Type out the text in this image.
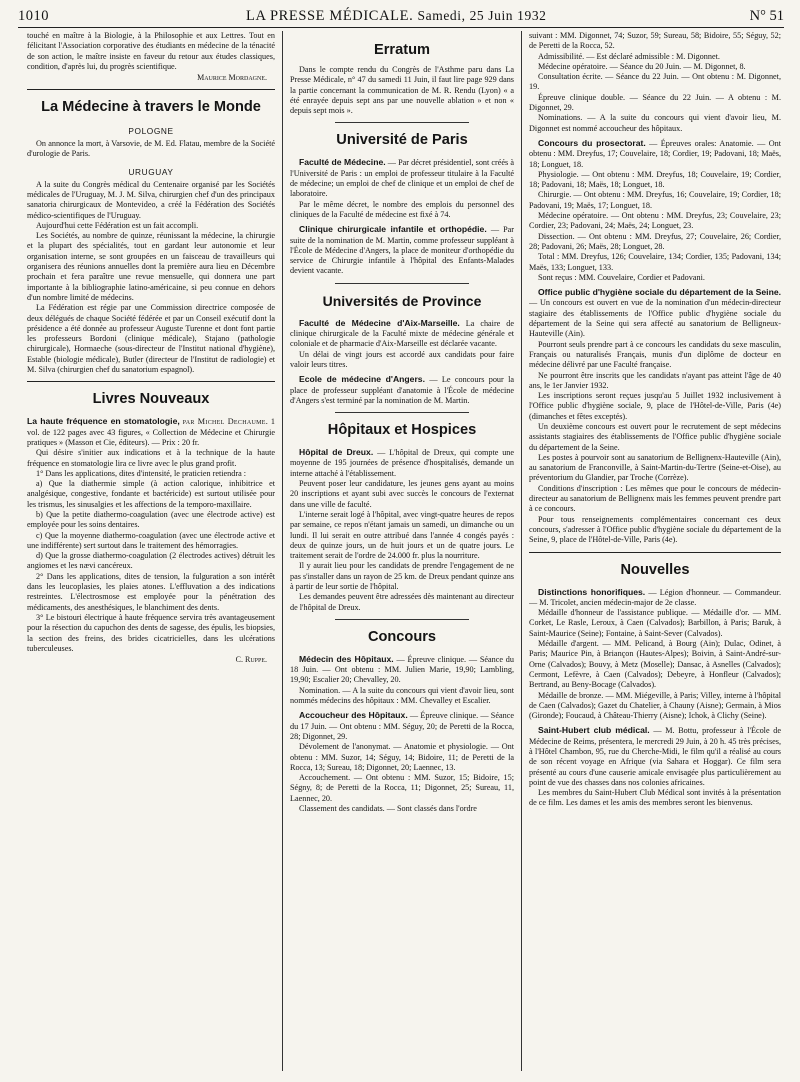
1010	LA PRESSE MÉDICALE. Samedi, 25 Juin 1932	N° 51

touché en maître à la Biologie, à la Philosophie et aux Lettres. Tout en félicitant l'Association corporative des étudiants en médecine de la ténacité de son action, le maître insiste en faveur du retour aux études classiques, condition, d'après lui, du progrès scientifique.

Maurice Mordagne.
La Médecine à travers le Monde
POLOGNE

On annonce la mort, à Varsovie, de M. Ed. Flatau, membre de la Société d'urologie de Paris.

URUGUAY

A la suite du Congrès médical du Centenaire organisé par les Sociétés médicales de l'Uruguay, M. J. M. Silva, chirurgien chef d'un des principaux sanatoria chirurgicaux de Montevideo, a créé la Fédération des Sociétés médico-scientifiques de l'Uruguay.

Aujourd'hui cette Fédération est un fait accompli.

Les Sociétés, au nombre de quinze, réunissant la médecine, la chirurgie et la plupart des spécialités, tout en gardant leur autonomie et leur organisation interne, se sont groupées en un faisceau de travailleurs qui organisera des réunions annuelles dont la première aura lieu en Décembre prochain et fera paraître une revue mensuelle, qui donnera une part importante à la bibliographie latino-américaine, si peu connue en dehors d'un nombre limité de médecins.

La Fédération est régie par une Commission directrice composée de deux délégués de chaque Société fédérée et par un Conseil exécutif dont la présidence a été donnée au professeur Auguste Turenne et dont font partie les professeurs Bordoni (clinique médicale), Stajano (pathologie chirurgicale), Hormaeche (sous-directeur de l'Institut national d'hygiène), Estable (biologie médicale), Butler (directeur de l'Institut de radiologie) et M. Silva (chirurgien chef du sanatorium espagnol).

Livres Nouveaux

La haute fréquence en stomatologie, par Michel Dechaume. 1 vol. de 122 pages avec 43 figures, « Collection de Médecine et Chirurgie pratiques » (Masson et Cie, éditeurs). — Prix : 20 fr.

Qui désire s'initier aux indications et à la technique de la haute fréquence en stomatologie lira ce livre avec le plus grand profit.

1° Dans les applications, dites d'intensité, le praticien retiendra :

a) Que la diathermie simple (à action calorique, inhibitrice et analgésique, congestive, fondante et bactéricide) est surtout utilisée pour les trismus, les sinusalgies et les affections de la temporo-maxillaire.

b) Que la petite diathermo-coagulation (avec une électrode active) est employée pour les soins dentaires.

c) Que la moyenne diathermo-coagulation (avec une électrode active et une indifférente) sert surtout dans le traitement des hémorragies.

d) Que la grosse diathermo-coagulation (2 électrodes actives) détruit les angiomes et les nævi cancéreux.

2° Dans les applications, dites de tension, la fulguration a son intérêt dans les leucoplasies, les plaies atones. L'effluvation a des indications restreintes. L'électrosmose est employée pour la pénétration des médicaments, des anesthésiques, le blanchiment des dents.

3° Le bistouri électrique à haute fréquence servira très avantageusement pour la résection du capuchon des dents de sagesse, des épulis, les biopsies, la section des freins, des brides cicatricielles, dans les ulcérations tuberculeuses.

C. Ruppe.
Erratum

Dans le compte rendu du Congrès de l'Asthme paru dans La Presse Médicale, n° 47 du samedi 11 Juin, il faut lire page 929 dans la partie concernant la communication de M. R. Rendu (Lyon) « a été enrayée depuis sept ans par une nouvelle ablation » et non « depuis sept mois ».

Université de Paris

Faculté de Médecine. — Par décret présidentiel, sont créés à l'Université de Paris : un emploi de professeur titulaire à la Faculté de médecine; un emploi de chef de clinique et un emploi de chef de laboratoire.

Par le même décret, le nombre des emplois du personnel des cliniques de la Faculté de médecine est fixé à 74.

Clinique chirurgicale infantile et orthopédie. — Par suite de la nomination de M. Martin, comme professeur suppléant à l'École de Médecine d'Angers, la place de moniteur d'orthopédie du service de Chirurgie infantile à l'hôpital des Enfants-Malades devient vacante.

Universités de Province

Faculté de Médecine d'Aix-Marseille. La chaire de clinique chirurgicale de la Faculté mixte de médecine générale et coloniale et de pharmacie d'Aix-Marseille est déclarée vacante.

Un délai de vingt jours est accordé aux candidats pour faire valoir leurs titres.

Ecole de médecine d'Angers. — Le concours pour la place de professeur suppléant d'anatomie à l'École de médecine d'Angers s'est terminé par la nomination de M. Martin.

Hôpitaux et Hospices

Hôpital de Dreux. — L'hôpital de Dreux, qui compte une moyenne de 195 journées de présence d'hospitalisés, demande un interne attaché à l'établissement.

Peuvent poser leur candidature, les jeunes gens ayant au moins 20 inscriptions et ayant subi avec succès le concours de l'externat dans une ville de faculté.

L'interne serait logé à l'hôpital, avec vingt-quatre heures de repos par semaine, ce repos n'étant jamais un samedi, un dimanche ou un lundi. Il lui serait en outre attribué dans l'année 4 congés payés : deux de quinze jours, un de huit jours et un de quatre jours. Le traitement serait de l'ordre de 24.000 fr. plus la nourriture.

Il y aurait lieu pour les candidats de prendre l'engagement de ne pas s'installer dans un rayon de 25 km. de Dreux pendant quinze ans à partir de leur sortie de l'hôpital.

Les demandes peuvent être adressées dès maintenant au directeur de l'hôpital de Dreux.

Concours

Médecin des Hôpitaux. — Épreuve clinique. — Séance du 18 Juin. — Ont obtenu : MM. Julien Marie, 19,90; Lambling, 19,90; Escalier 20; Chevalley, 20.

Nomination. — A la suite du concours qui vient d'avoir lieu, sont nommés médecins des hôpitaux : MM. Chevalley et Escalier.

Accoucheur des Hôpitaux. — Épreuve clinique. — Séance du 17 Juin. — Ont obtenu : MM. Séguy, 20; de Peretti de la Rocca, 28; Digonnet, 29.

Dévolement de l'anonymat. — Anatomie et physiologie. — Ont obtenu : MM. Suzor, 14; Séguy, 14; Bidoire, 11; de Peretti de la Rocca, 13; Sureau, 18; Digonnet, 20; Laennec, 13.

Accouchement. — Ont obtenu : MM. Suzor, 15; Bidoire, 15; Ségny, 8; de Peretti de la Rocca, 11; Digonnet, 25; Sureau, 11, Laennec, 20.

Classement des candidats. — Sont classés dans l'ordre

suivant : MM. Digonnet, 74; Suzor, 59; Sureau, 58; Bidoire, 55; Séguy, 52; de Peretti de la Rocca, 52.

Admissibilité. — Est déclaré admissible : M. Digonnet.

Médecine opératoire. — Séance du 20 Juin. — M. Digonnet, 8.

Consultation écrite. — Séance du 22 Juin. — Ont obtenu : M. Digonnet, 19.

Épreuve clinique double. — Séance du 22 Juin. — A obtenu : M. Digonnet, 29.

Nominations. — A la suite du concours qui vient d'avoir lieu, M. Digonnet est nommé accoucheur des hôpitaux.

Concours du prosectorat. — Épreuves orales: Anatomie. — Ont obtenu : MM. Dreyfus, 17; Couvelaire, 18; Cordier, 19; Padovani, 18; Maës, 18; Longuet, 18.

Physiologie. — Ont obtenu : MM. Dreyfus, 18; Couvelaire, 19; Cordier, 18; Padovani, 18; Maës, 18; Longuet, 18.

Chirurgie. — Ont obtenu : MM. Dreyfus, 16; Couvelaire, 19; Cordier, 18; Padovani, 19; Maës, 17; Longuet, 18.

Médecine opératoire. — Ont obtenu : MM. Dreyfus, 23; Couvelaire, 23; Cordier, 23; Padovani, 24; Maës, 24; Longuet, 23.

Dissection. — Ont obtenu : MM. Dreyfus, 27; Couvelaire, 26; Cordier, 28; Padovani, 26; Maës, 28; Longuet, 28.

Total : MM. Dreyfus, 126; Couvelaire, 134; Cordier, 135; Padovani, 134; Maës, 133; Longuet, 133.

Sont reçus : MM. Couvelaire, Cordier et Padovani.

Office public d'hygiène sociale du département de la Seine. — Un concours est ouvert en vue de la nomination d'un médecin-directeur stagiaire des établissements de l'Office public d'hygiène sociale du département de la Seine qui sera affecté au sanatorium de Belligneux-Hauteville (Ain).

Pourront seuls prendre part à ce concours les candidats du sexe masculin, Français ou naturalisés Français, munis d'un diplôme de docteur en médecine délivré par une Faculté française.

Ne pourront être inscrits que les candidats n'ayant pas atteint l'âge de 40 ans, le 1er Janvier 1932.

Les inscriptions seront reçues jusqu'au 5 Juillet 1932 inclusivement à l'Office public d'hygiène sociale, 9, place de l'Hôtel-de-Ville, Paris (4e) (dimanches et fêtes exceptés).

Un deuxième concours est ouvert pour le recrutement de sept médecins assistants stagiaires des établissements de l'Office public d'hygiène sociale du département de la Seine.

Les postes à pourvoir sont au sanatorium de Bellignenx-Hauteville (Ain), au sanatorium de Franconville, à Saint-Martin-du-Tertre (Seine-et-Oise), au préventorium du Glandier, par Troche (Corrèze).

Conditions d'inscription : Les mêmes que pour le concours de médecin-directeur au sanatorium de Bellignenx mais les femmes peuvent prendre part à ce concours.

Pour tous renseignements complémentaires concernant ces deux concours, s'adresser à l'Office public d'hygiène sociale du département de la Seine, 9, place de l'Hôtel-de-Ville, Paris (4e).

Nouvelles

Distinctions honorifiques. — Légion d'honneur. — Commandeur. — M. Tricolet, ancien médecin-major de 2e classe.

Médaille d'honneur de l'assistance publique. — Médaille d'or. — MM. Corket, Le Rasle, Leroux, à Caen (Calvados); Barbillon, à Paris; Baruk, à Saint-Maurice (Seine); Fontaine, à Saint-Sever (Calvados).

Médaille d'argent. — MM. Pelicand, à Bourg (Ain); Dulac, Odinet, à Paris; Maurice Pin, à Briançon (Hautes-Alpes); Boivin, à Saint-André-sur-Orne (Calvados); Bouvy, à Metz (Moselle); Dansac, à Asnelles (Calvados); Cermont, Lefèvre, à Caen (Calvados); Debeyre, à Honfleur (Calvados); Bertrand, au Beny-Bocage (Calvados).

Médaille de bronze. — MM. Miégeville, à Paris; Villey, interne à l'hôpital de Caen (Calvados); Gazet du Chatelier, à Chauny (Aisne); Germain, à Mios (Gironde); Foucaud, à Château-Thierry (Aisne); Ichok, à Clichy (Seine).

Saint-Hubert club médical. — M. Bottu, professeur à l'École de Médecine de Reims, présentera, le mercredi 29 Juin, à 20 h. 45 très précises, à l'Hôtel Chambon, 95, rue du Cherche-Midi, le film qu'il a réalisé au cours de son récent voyage en Afrique (via Sahara et Hoggar). Ce film sera présenté au cours d'une causerie amicale envisagée plus particulièrement au point de vue des chasses dans nos colonies africaines.

Les membres du Saint-Hubert Club Médical sont invités à la présentation de ce film. Les dames et les amis des membres seront les bienvenus.
